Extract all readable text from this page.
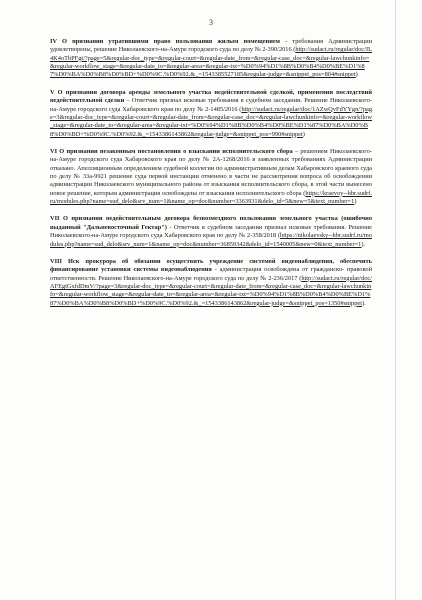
3

IV О признании утратившими право пользования жилым помещением - требования Администрации удовлетворены, решение Николаевского-на-Амуре городского суда по делу № 2-390/2016 (http://sudact.ru/regular/doc/IL4K4oTbPFgt/?page=5&regular-doc_type=&regular-court=&regular-date_from=&regular-case_doc=&regular-lawchunkinfo=&regular-workflow_stage=&regular-date_to=&regular-area=&regular-txt=%D0%94%D1%8B%D0%B4%D0%BE%D1%87%D0%BA%D0%B8%D0%BD+%D0%9C.%D0%92.&_=1543385527185&regular-judge=&snippet_pos=804#snippet)

V О признании договора аренды земельного участка недействительной сделкой, применении последствий недействительной сделки – Ответчик признал исковые требования в судебном заседании. Решение Николаевского-на-Амуре городского суда Хабаровского края по делу № 2-1485/2016 (http://sudact.ru/regular/doc/1AZwQvFdYYgn/?page=3&regular-doc_type=&regular-court=&regular-date_from=&regular-case_doc=&regular-lawchunkinfo=&regular-workflow_stage=&regular-date_to=&regular-area=&regular-txt=%D0%94%D1%8B%D0%B4%D0%BE%D1%87%D0%BA%D0%B8%D0%BD+%D0%9C.%D0%92.&_=1543386143862&regular-judge=&snippet_pos=990#snippet)

VI О признании незаконным постановления о взыскании исполнительского сбора – решением Николаевского-на-Амуре городского суда Хабаровского края по делу № 2А-1268/2016 в заявленных требованиях Администрации отказано. Апелляционным определением судебной коллегии по административным делам Хабаровского краевого суда по делу № 33а-9921 решение суда первой инстанции отменено в части не рассмотрения вопроса об освобождении администрации Николаевского муниципального района от взыскания исполнительского сбора, в этой части вынесено новое решение, которым администрация освобождена от взыскания исполнительского сбора (https://kraevoy--hbr.sudrf.ru/modules.php?name=sud_delo&srv_num=1&name_op=doc&number=3363931&delo_id=5&new=5&text_number=1)

VII О признании недействительным договора безвозмездного пользования земельного участка (ошибочно выданный "Дальневосточный Гектар") - Ответчик в судебном заседании признал исковые требования. Решение Николаевского-на-Амуре городского суда Хабаровского края по делу № 2-358/2018 (https://nikolaevsky--hbr.sudrf.ru/modules.php?name=sud_delo&srv_num=1&name_op=doc&number=36859342&delo_id=1540005&new=0&text_number=1).

VIII Иск прокурора об обязании осуществить учреждение системой видеонаблюдения, обеспечить финансирование установки системы видеонаблюдения - администрация освобождена от гражданско- правовой ответственности. Решение Николаевского-на-Амуре городского суда по делу № 2-236/2017 (http://sudact.ru/regular/doc/AFEgiGxfdDmV/?page=3&regular-doc_type=&regular-court=&regular-date_from=&regular-case_doc=&regular-lawchunkinfo=&regular-workflow_stage=&regular-date_to=&regular-area=&regular-txt=%D0%94%D1%8B%D0%B4%D0%BE%D1%87%D0%BA%D0%B8%D0%BD+%D0%9C.%D0%92.&_=1543386143862&regular-judge=&snippet_pos=1350#snippet).
